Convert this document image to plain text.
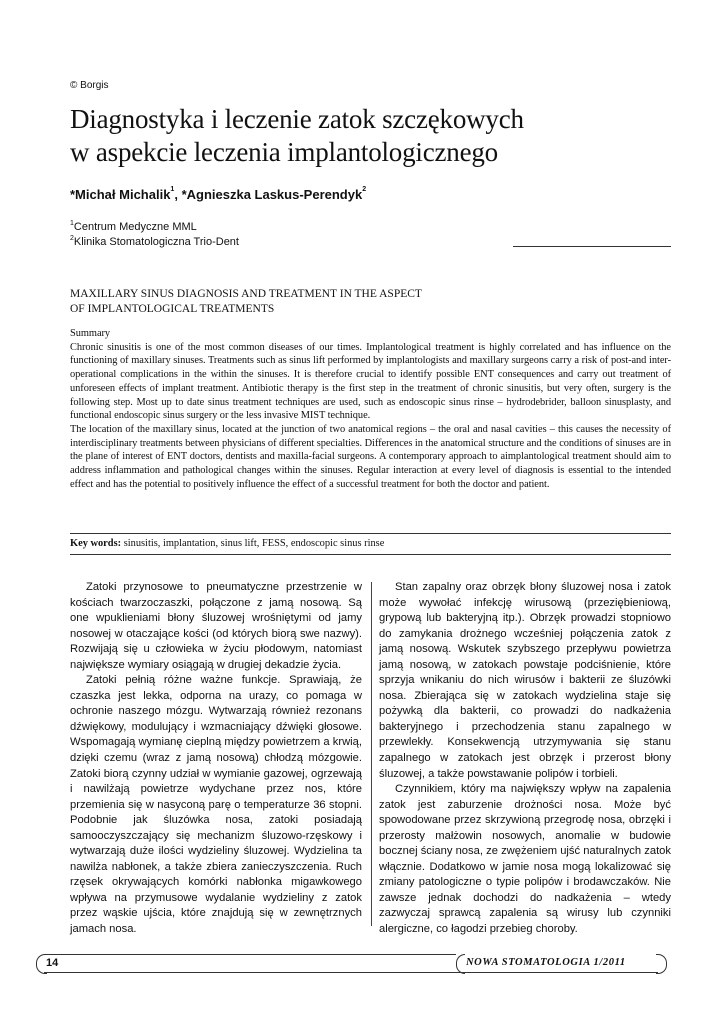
© Borgis
Diagnostyka i leczenie zatok szczękowych
w aspekcie leczenia implantologicznego
*Michał Michalik$^1$, *Agnieszka Laskus-Perendyk$^2$
$^1$Centrum Medyczne MML
$^2$Klinika Stomatologiczna Trio-Dent
MAXILLARY SINUS DIAGNOSIS AND TREATMENT IN THE ASPECT
OF IMPLANTOLOGICAL TREATMENTS

Summary

Chronic sinusitis is one of the most common diseases of our times. Implantological treatment is highly correlated and has influence on the functioning of maxillary sinuses. Treatments such as sinus lift performed by implantologists and maxillary surgeons carry a risk of post-and inter-operational complications in the within the sinuses. It is therefore crucial to identify possible ENT consequences and carry out treatment of unforeseen effects of implant treatment. Antibiotic therapy is the first step in the treatment of chronic sinusitis, but very often, surgery is the following step. Most up to date sinus treatment techniques are used, such as endoscopic sinus rinse – hydrodebrider, balloon sinusplasty, and functional endoscopic sinus surgery or the less invasive MIST technique.

The location of the maxillary sinus, located at the junction of two anatomical regions – the oral and nasal cavities – this causes the necessity of interdisciplinary treatments between physicians of different specialties. Differences in the anatomical structure and the conditions of sinuses are in the plane of interest of ENT doctors, dentists and maxilla-facial surgeons. A contemporary approach to aimplantological treatment should aim to address inflammation and pathological changes within the sinuses. Regular interaction at every level of diagnosis is essential to the intended effect and has the potential to positively influence the effect of a successful treatment for both the doctor and patient.

Key words: sinusitis, implantation, sinus lift, FESS, endoscopic sinus rinse

Zatoki przynosowe to pneumatyczne przestrzenie w kościach twarzoczaszki, połączone z jamą nosową. Są one wpuklieniami błony śluzowej wrośniętymi od jamy nosowej w otaczające kości (od których biorą swe nazwy). Rozwijają się u człowieka w życiu płodowym, natomiast największe wymiary osiągają w drugiej dekadzie życia.

Zatoki pełnią różne ważne funkcje. Sprawiają, że czaszka jest lekka, odporna na urazy, co pomaga w ochronie naszego mózgu. Wytwarzają również rezonans dźwiękowy, modulujący i wzmacniający dźwięki głosowe. Wspomagają wymianę cieplną między powietrzem a krwią, dzięki czemu (wraz z jamą nosową) chłodzą mózgowie. Zatoki biorą czynny udział w wymianie gazowej, ogrzewają i nawilżają powietrze wydychane przez nos, które przemienia się w nasyconą parę o temperaturze 36 stopni. Podobnie jak śluzówka nosa, zatoki posiadają samooczyszczający się mechanizm śluzowo-rzęskowy i wytwarzają duże ilości wydzieliny śluzowej. Wydzielina ta nawilża nabłonek, a także zbiera zanieczyszczenia. Ruch rzęsek okrywających komórki nabłonka migawkowego wpływa na przymusowe wydalanie wydzieliny z zatok przez wąskie ujścia, które znajdują się w zewnętrznych jamach nosa.

Stan zapalny oraz obrzęk błony śluzowej nosa i zatok może wywołać infekcję wirusową (przeziębieniową, grypową lub bakteryjną itp.). Obrzęk prowadzi stopniowo do zamykania drożnego wcześniej połączenia zatok z jamą nosową. Wskutek szybszego przepływu powietrza jamą nosową, w zatokach powstaje podciśnienie, które sprzyja wnikaniu do nich wirusów i bakterii ze śluzówki nosa. Zbierająca się w zatokach wydzielina staje się pożywką dla bakterii, co prowadzi do nadkażenia bakteryjnego i przechodzenia stanu zapalnego w przewlekły. Konsekwencją utrzymywania się stanu zapalnego w zatokach jest obrzęk i przerost błony śluzowej, a także powstawanie polipów i torbieli.

Czynnikiem, który ma największy wpływ na zapalenia zatok jest zaburzenie drożności nosa. Może być spowodowane przez skrzywioną przegrodę nosa, obrzęki i przerosty małżowin nosowych, anomalie w budowie bocznej ściany nosa, ze zwężeniem ujść naturalnych zatok włącznie. Dodatkowo w jamie nosa mogą lokalizować się zmiany patologiczne o typie polipów i brodawczaków. Nie zawsze jednak dochodzi do nadkażenia – wtedy zazwyczaj sprawcą zapalenia są wirusy lub czynniki alergiczne, co łagodzi przebieg choroby.

14	NOWA STOMATOLOGIA 1/2011
